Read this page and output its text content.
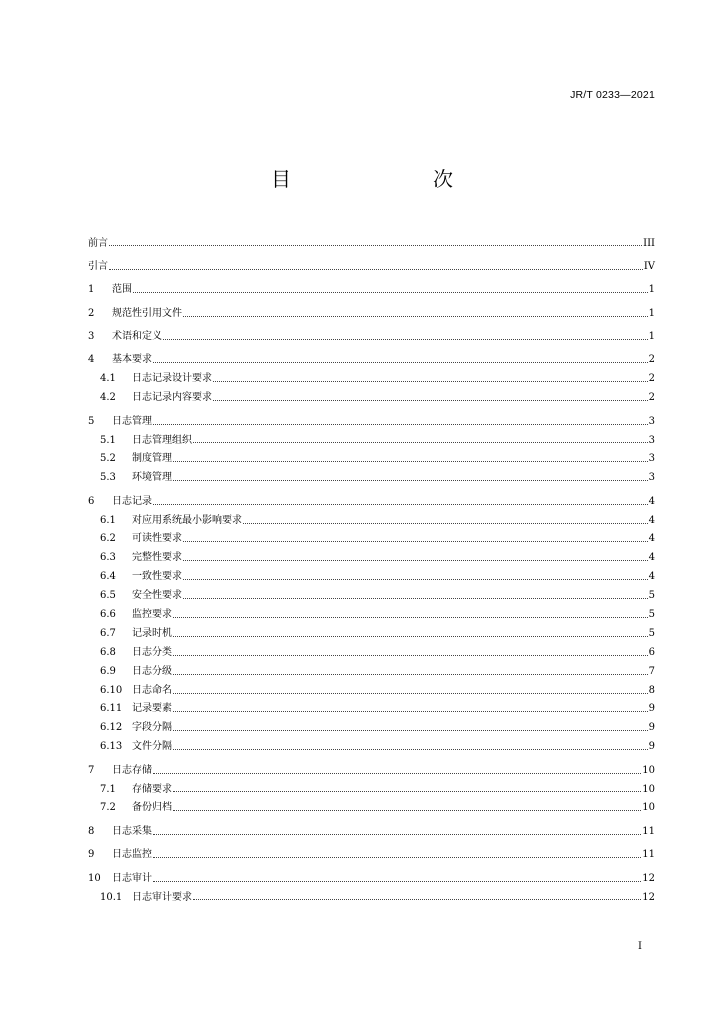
JR/T 0233—2021
目　　次
前言	III
引言	IV
1	范围	1
2	规范性引用文件	1
3	术语和定义	1
4	基本要求	2
4.1	日志记录设计要求	2
4.2	日志记录内容要求	2
5	日志管理	3
5.1	日志管理组织	3
5.2	制度管理	3
5.3	环境管理	3
6	日志记录	4
6.1	对应用系统最小影响要求	4
6.2	可读性要求	4
6.3	完整性要求	4
6.4	一致性要求	4
6.5	安全性要求	5
6.6	监控要求	5
6.7	记录时机	5
6.8	日志分类	6
6.9	日志分级	7
6.10 日志命名	8
6.11 记录要素	9
6.12 字段分隔	9
6.13 文件分隔	9
7	日志存储	10
7.1	存储要求	10
7.2	备份归档	10
8	日志采集	11
9	日志监控	11
10	日志审计	12
10.1 日志审计要求	12
I
